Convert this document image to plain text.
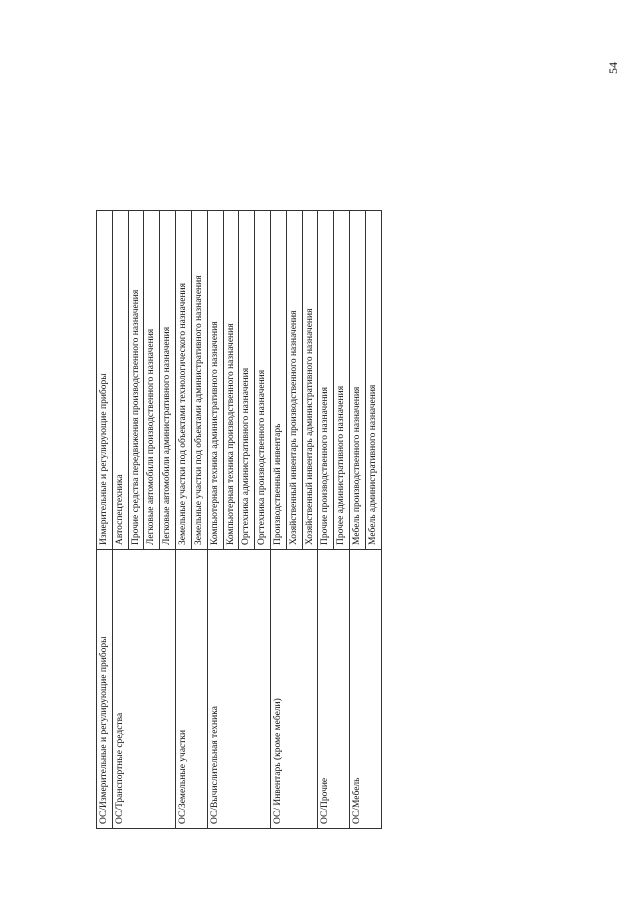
54
ОС/Измерительные и регулирующие приборы	Измерительные и регулирующие приборы
ОС/Транспортные средства	Автоспецтехника
	Прочие средства передвижения производственного назначения
	Легковые автомобили производственного назначения
	Легковые автомобили административного назначения
ОС/Земельные участки	Земельные участки под объектами технологического назначения
	Земельные участки под объектами административного назначения
ОС/Вычислительная техника	Компьютерная техника административного назначения
	Компьютерная техника производственного назначения
	Оргтехника административного назначения
	Оргтехника производственного назначения
ОС/ Инвентарь (кроме мебели)	Производственный инвентарь
	Хозяйственный инвентарь производственного назначения
	Хозяйственный инвентарь административного назначения
ОС/Прочие	Прочие производственного назначения
	Прочее административного назначения
ОС/Мебель	Мебель производственного назначения
	Мебель административного назначения
